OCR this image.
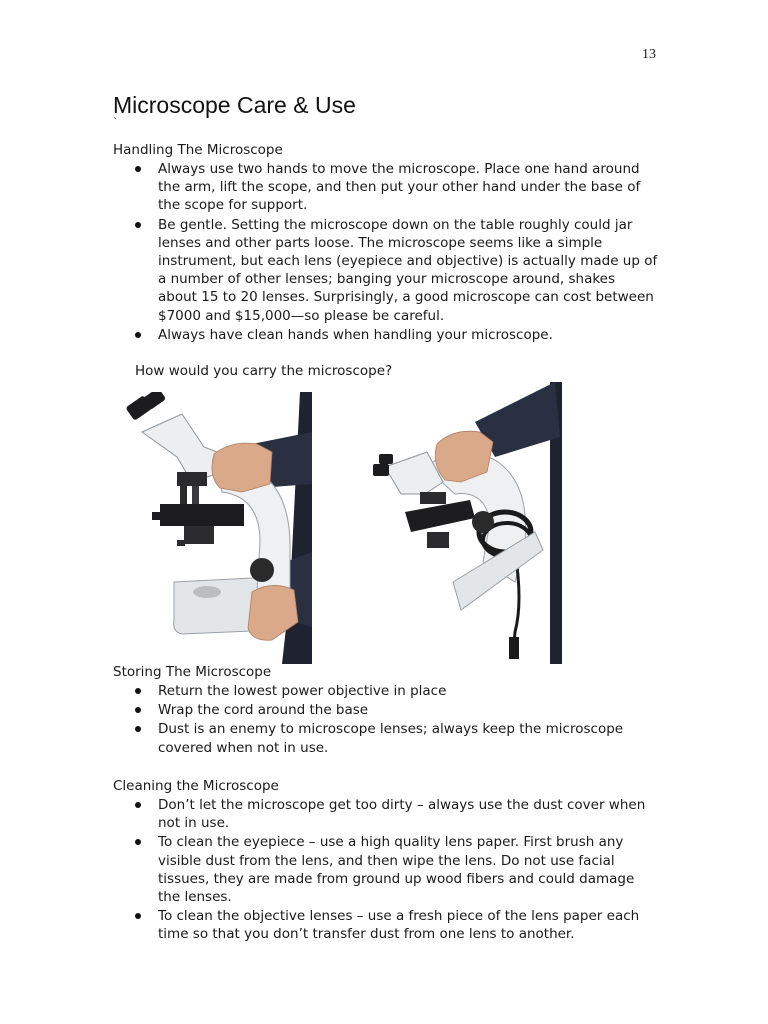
13
Microscope Care & Use
`
Handling The Microscope
Always use two hands to move the microscope. Place one hand around the arm, lift the scope, and then put your other hand under the base of the scope for support.
Be gentle. Setting the microscope down on the table roughly could jar lenses and other parts loose. The microscope seems like a simple instrument, but each lens (eyepiece and objective) is actually made up of a number of other lenses; banging your microscope around, shakes about 15 to 20 lenses. Surprisingly, a good microscope can cost between $7000 and $15,000—so please be careful.
Always have clean hands when handling your microscope.

How would you carry the microscope?

Storing The Microscope
Return the lowest power objective in place
Wrap the cord around the base
Dust is an enemy to microscope lenses; always keep the microscope covered when not in use.
Cleaning the Microscope
Don’t let the microscope get too dirty – always use the dust cover when not in use.
To clean the eyepiece – use a high quality lens paper. First brush any visible dust from the lens, and then wipe the lens. Do not use facial tissues, they are made from ground up wood fibers and could damage the lenses.
To clean the objective lenses – use a fresh piece of the lens paper each time so that you don’t transfer dust from one lens to another.
